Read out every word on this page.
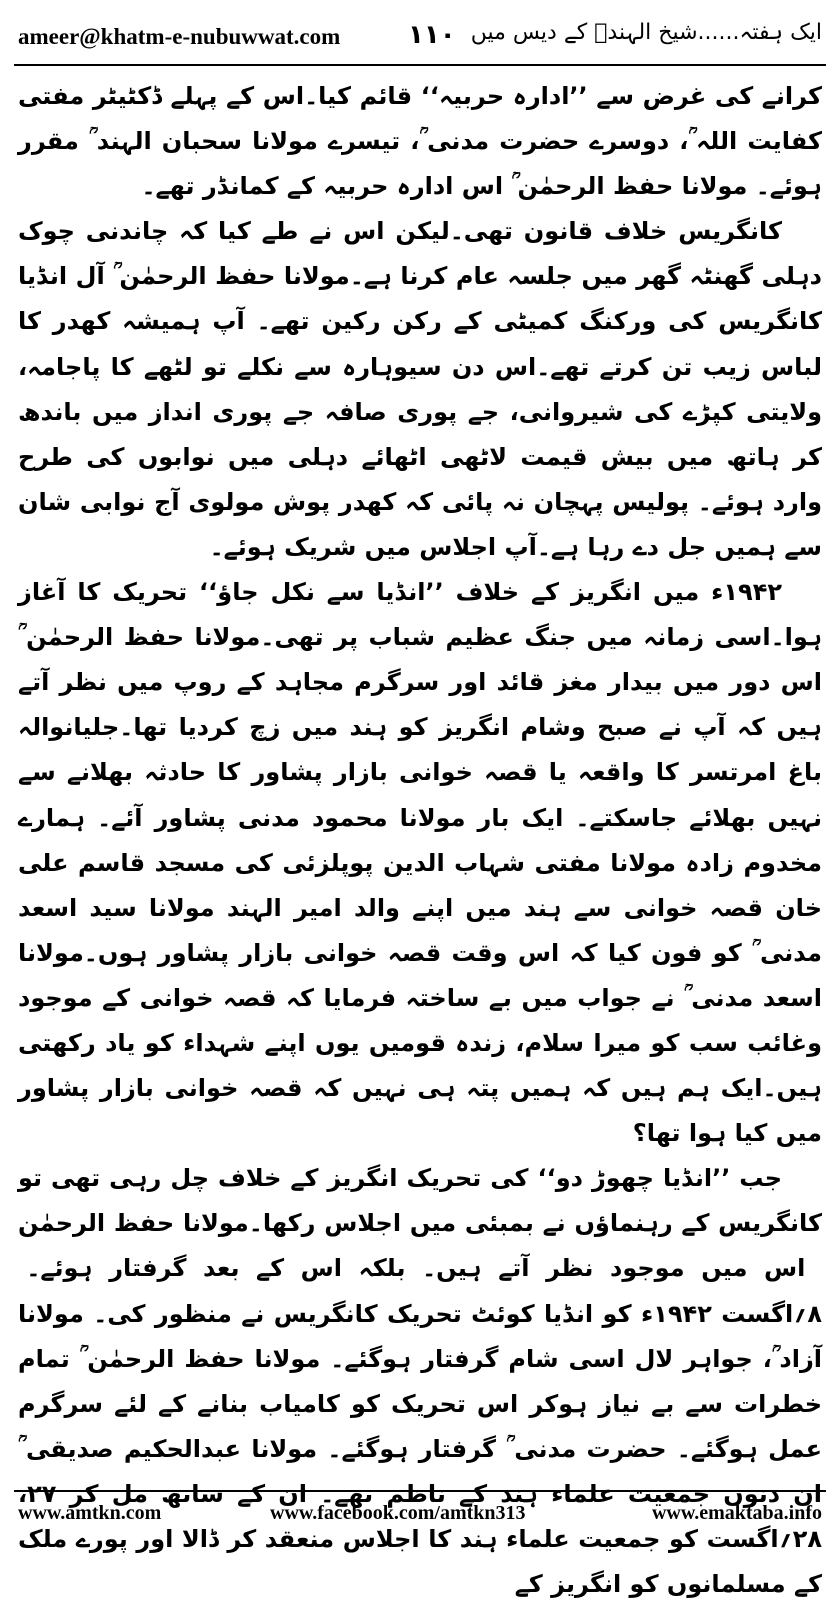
ameer@khatm-e-nubuwwat.com	۱۱۰ ایک ہفتہ......شیخ الہندؒ کے دیس میں

کرانے کی غرض سے ’’ادارہ حربیہ‘‘ قائم کیا۔اس کے پہلے ڈکٹیٹر مفتی کفایت اللہ ؒ، دوسرے حضرت مدنی ؒ، تیسرے مولانا سحبان الہند ؒ مقرر ہوئے۔ مولانا حفظ الرحمٰن ؒ اس ادارہ حربیہ کے کمانڈر تھے۔

کانگریس خلاف قانون تھی۔لیکن اس نے طے کیا کہ چاندنی چوک دہلی گھنٹہ گھر میں جلسہ عام کرنا ہے۔مولانا حفظ الرحمٰن ؒ آل انڈیا کانگریس کی ورکنگ کمیٹی کے رکن رکین تھے۔ آپ ہمیشہ کھدر کا لباس زیب تن کرتے تھے۔اس دن سیوہارہ سے نکلے تو لٹھے کا پاجامہ، ولایتی کپڑے کی شیروانی، جے پوری صافہ جے پوری انداز میں باندھ کر ہاتھ میں بیش قیمت لاٹھی اٹھائے دہلی میں نوابوں کی طرح وارد ہوئے۔ پولیس پہچان نہ پائی کہ کھدر پوش مولوی آج نوابی شان سے ہمیں جل دے رہا ہے۔آپ اجلاس میں شریک ہوئے۔

۱۹۴۲ء میں انگریز کے خلاف ’’انڈیا سے نکل جاؤ‘‘ تحریک کا آغاز ہوا۔اسی زمانہ میں جنگ عظیم شباب پر تھی۔مولانا حفظ الرحمٰن ؒ اس دور میں بیدار مغز قائد اور سرگرم مجاہد کے روپ میں نظر آتے ہیں کہ آپ نے صبح وشام انگریز کو ہند میں زچ کردیا تھا۔جلیانوالہ باغ امرتسر کا واقعہ یا قصہ خوانی بازار پشاور کا حادثہ بھلانے سے نہیں بھلائے جاسکتے۔ ایک بار مولانا محمود مدنی پشاور آئے۔ ہمارے مخدوم زادہ مولانا مفتی شہاب الدین پوپلزئی کی مسجد قاسم علی خان قصہ خوانی سے ہند میں اپنے والد امیر الہند مولانا سید اسعد مدنی ؒ کو فون کیا کہ اس وقت قصہ خوانی بازار پشاور ہوں۔مولانا اسعد مدنی ؒ نے جواب میں بے ساختہ فرمایا کہ قصہ خوانی کے موجود وغائب سب کو میرا سلام، زندہ قومیں یوں اپنے شہداء کو یاد رکھتی ہیں۔ایک ہم ہیں کہ ہمیں پتہ ہی نہیں کہ قصہ خوانی بازار پشاور میں کیا ہوا تھا؟

جب ’’انڈیا چھوڑ دو‘‘ کی تحریک انگریز کے خلاف چل رہی تھی تو کانگریس کے رہنماؤں نے بمبئی میں اجلاس رکھا۔مولانا حفظ الرحمٰن ؒ اس میں موجود نظر آتے ہیں۔ بلکہ اس کے بعد گرفتار ہوئے۔ ۸؍اگست ۱۹۴۲ء کو انڈیا کوئٹ تحریک کانگریس نے منظور کی۔ مولانا آزاد ؒ، جواہر لال اسی شام گرفتار ہوگئے۔ مولانا حفظ الرحمٰن ؒ تمام خطرات سے بے نیاز ہوکر اس تحریک کو کامیاب بنانے کے لئے سرگرم عمل ہوگئے۔ حضرت مدنی ؒ گرفتار ہوگئے۔ مولانا عبدالحکیم صدیقی ؒ ان دنوں جمعیت علماء ہند کے ناظم تھے۔ ان کے ساتھ مل کر ۲۷، ۲۸؍اگست کو جمعیت علماء ہند کا اجلاس منعقد کر ڈالا اور پورے ملک کے مسلمانوں کو انگریز کے

www.amtkn.com	www.facebook.com/amtkn313	www.emaktaba.info
